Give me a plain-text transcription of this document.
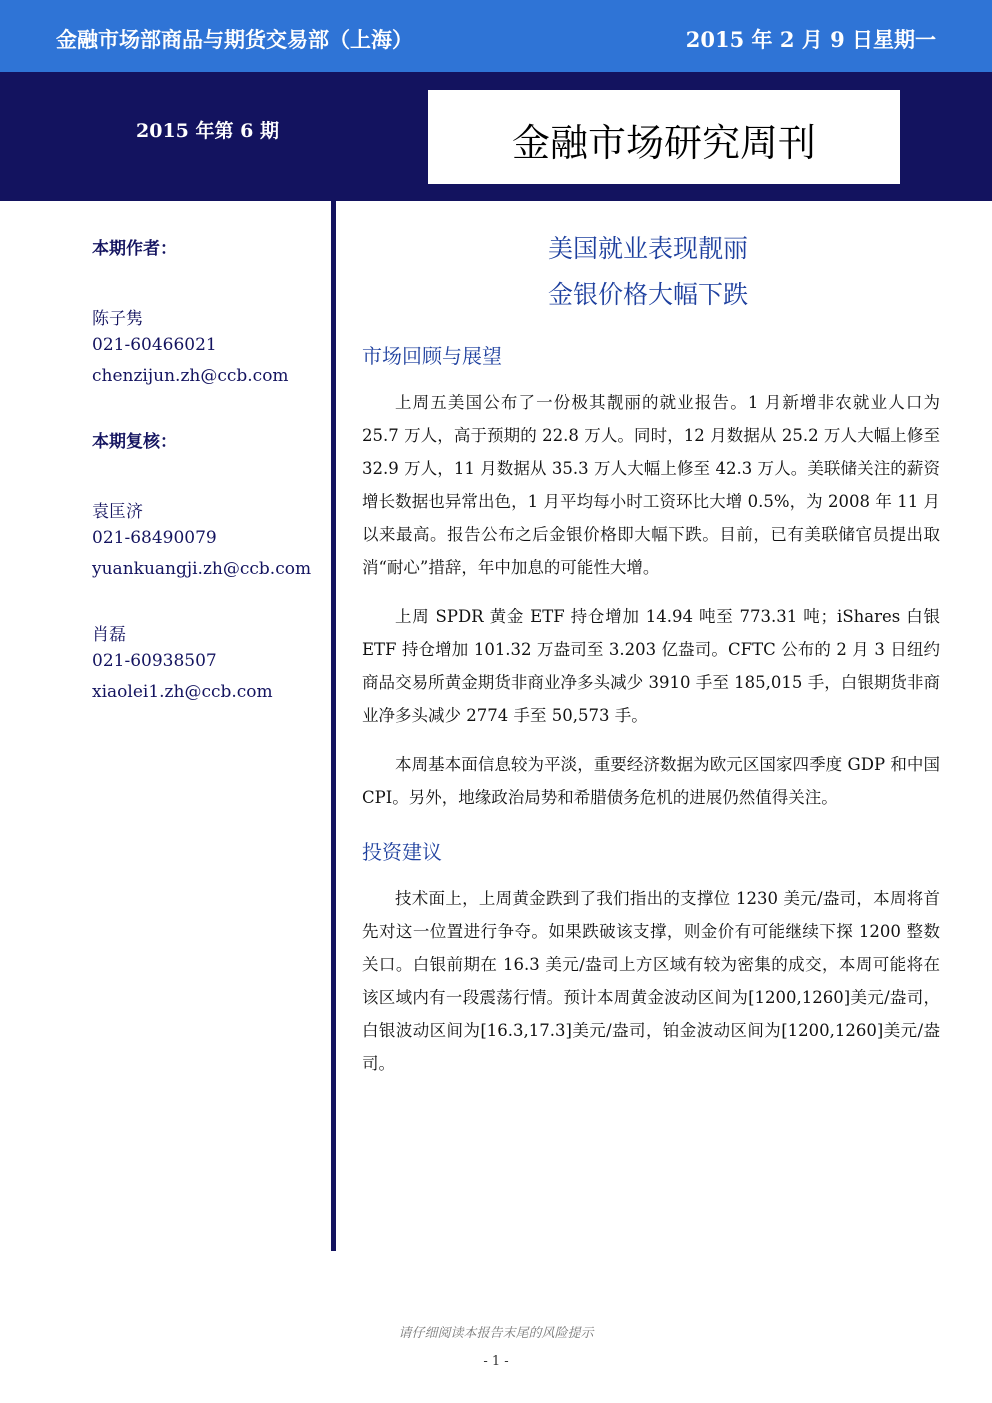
金融市场部商品与期货交易部（上海）	2015 年 2 月 9 日星期一
2015 年第 6 期	金融市场研究周刊
本期作者：
陈子隽
021-60466021
chenzijun.zh@ccb.com
本期复核：
袁匡济
021-68490079
yuankuangji.zh@ccb.com
肖磊
021-60938507
xiaolei1.zh@ccb.com
美国就业表现靓丽
金银价格大幅下跌
市场回顾与展望

上周五美国公布了一份极其靓丽的就业报告。1 月新增非农就业人口为 25.7 万人，高于预期的 22.8 万人。同时，12 月数据从 25.2 万人大幅上修至 32.9 万人，11 月数据从 35.3 万人大幅上修至 42.3 万人。美联储关注的薪资增长数据也异常出色，1 月平均每小时工资环比大增 0.5%，为 2008 年 11 月以来最高。报告公布之后金银价格即大幅下跌。目前，已有美联储官员提出取消“耐心”措辞，年中加息的可能性大增。

上周 SPDR 黄金 ETF 持仓增加 14.94 吨至 773.31 吨；iShares 白银 ETF 持仓增加 101.32 万盎司至 3.203 亿盎司。CFTC 公布的 2 月 3 日纽约商品交易所黄金期货非商业净多头减少 3910 手至 185,015 手，白银期货非商业净多头减少 2774 手至 50,573 手。

本周基本面信息较为平淡，重要经济数据为欧元区国家四季度 GDP 和中国 CPI。另外，地缘政治局势和希腊债务危机的进展仍然值得关注。

投资建议

技术面上，上周黄金跌到了我们指出的支撑位 1230 美元/盎司，本周将首先对这一位置进行争夺。如果跌破该支撑，则金价有可能继续下探 1200 整数关口。白银前期在 16.3 美元/盎司上方区域有较为密集的成交，本周可能将在该区域内有一段震荡行情。预计本周黄金波动区间为[1200,1260]美元/盎司，白银波动区间为[16.3,17.3]美元/盎司，铂金波动区间为[1200,1260]美元/盎司。

请仔细阅读本报告末尾的风险提示
- 1 -
